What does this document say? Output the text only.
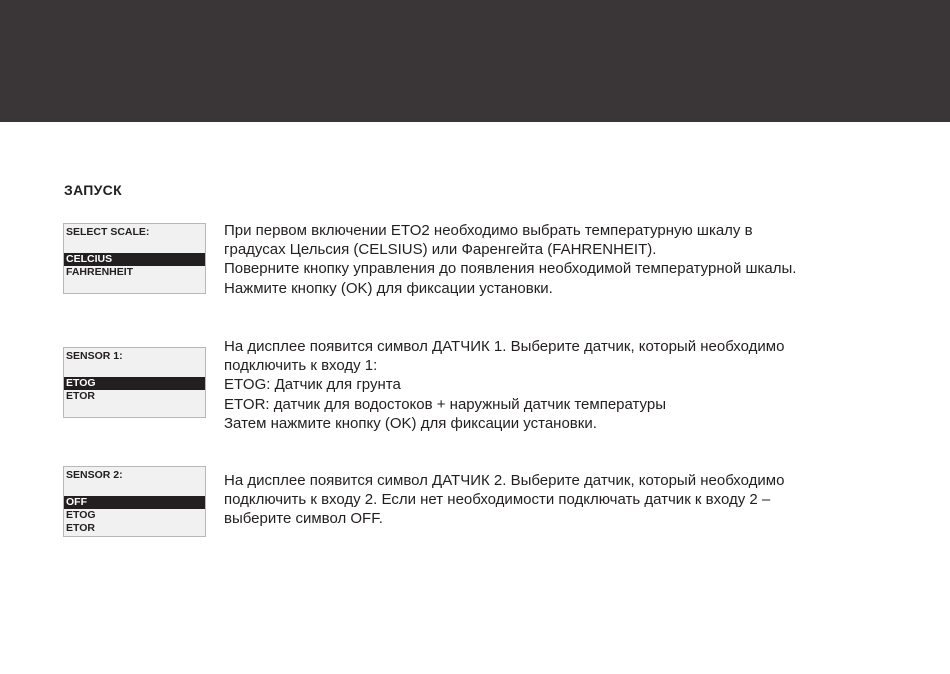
ЗАПУСК
SELECT SCALE:
CELCIUS
FAHRENHEIT

При первом включении ETO2 необходимо выбрать температурную шкалу в
градусах Цельсия (CELSIUS) или Фаренгейта (FAHRENHEIT).
Поверните кнопку управления до появления необходимой температурной шкалы.
Нажмите кнопку (OK) для фиксации установки.

SENSOR 1:
ETOG
ETOR

На дисплее появится символ ДАТЧИК 1. Выберите датчик, который необходимо
подключить к входу 1:
ETOG: Датчик для грунта
ETOR: датчик для водостоков + наружный датчик температуры
Затем нажмите кнопку (OK) для фиксации установки.

SENSOR 2:
OFF
ETOG
ETOR

На дисплее появится символ ДАТЧИК 2. Выберите датчик, который необходимо
подключить к входу 2. Если нет необходимости подключать датчик к входу 2 –
выберите символ OFF.
